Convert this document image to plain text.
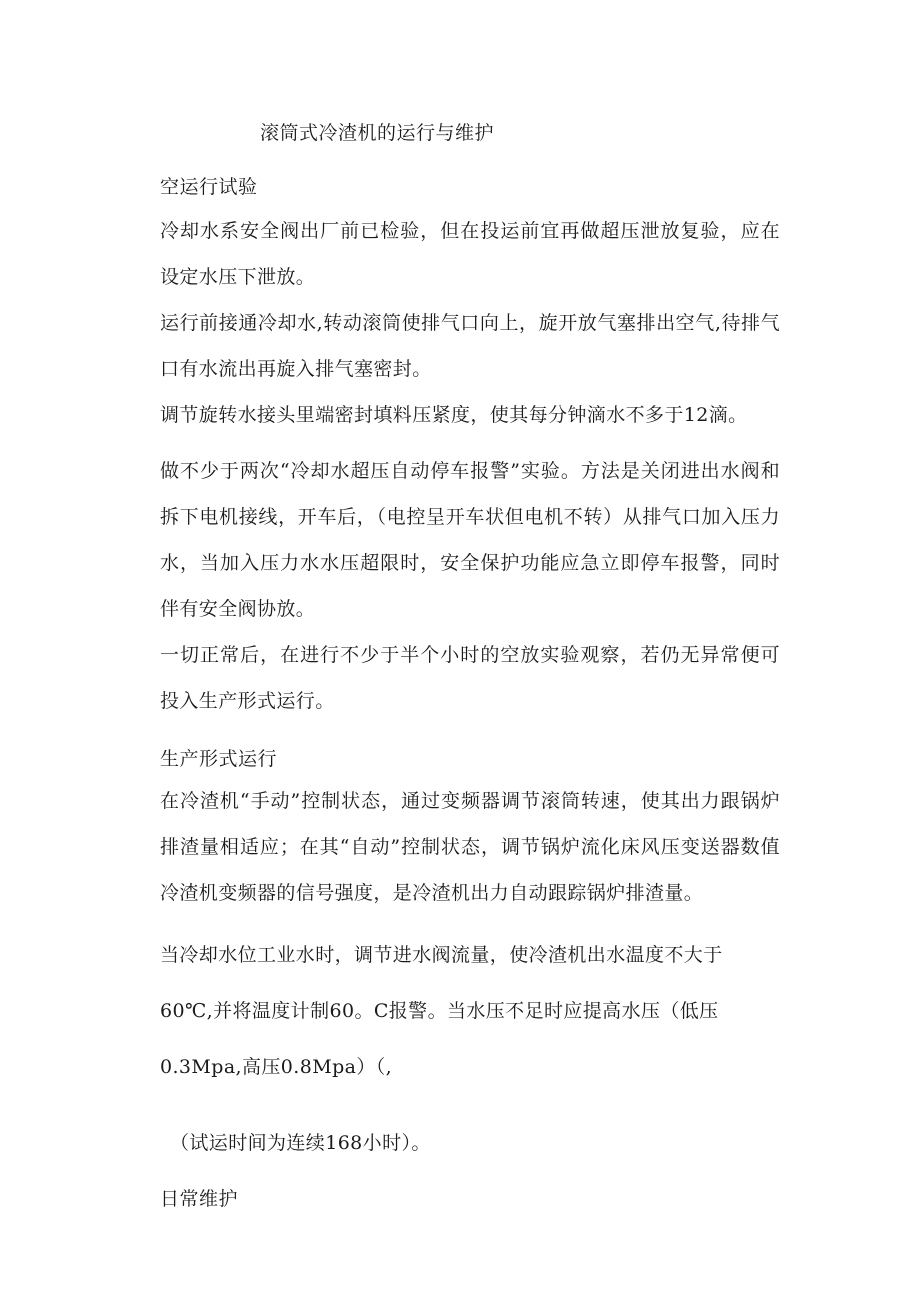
滚筒式冷渣机的运行与维护
空运行试验
冷却水系安全阀出厂前已检验，但在投运前宜再做超压泄放复验，应在设定水压下泄放。
运行前接通冷却水,转动滚筒使排气口向上，旋开放气塞排出空气,待排气口有水流出再旋入排气塞密封。
调节旋转水接头里端密封填料压紧度，使其每分钟滴水不多于12滴。
做不少于两次“冷却水超压自动停车报警”实验。方法是关闭进出水阀和拆下电机接线，开车后，（电控呈开车状但电机不转）从排气口加入压力水，当加入压力水水压超限时，安全保护功能应急立即停车报警，同时伴有安全阀协放。
一切正常后，在进行不少于半个小时的空放实验观察，若仍无异常便可投入生产形式运行。
生产形式运行
在冷渣机“手动”控制状态，通过变频器调节滚筒转速，使其出力跟锅炉排渣量相适应；在其“自动”控制状态，调节锅炉流化床风压变送器数值冷渣机变频器的信号强度，是冷渣机出力自动跟踪锅炉排渣量。
当冷却水位工业水时，调节进水阀流量，使冷渣机出水温度不大于
60℃,并将温度计制60。C报警。当水压不足时应提高水压（低压
0.3Mpa,高压0.8Mpa）（,
（试运时间为连续168小时）。
日常维护
